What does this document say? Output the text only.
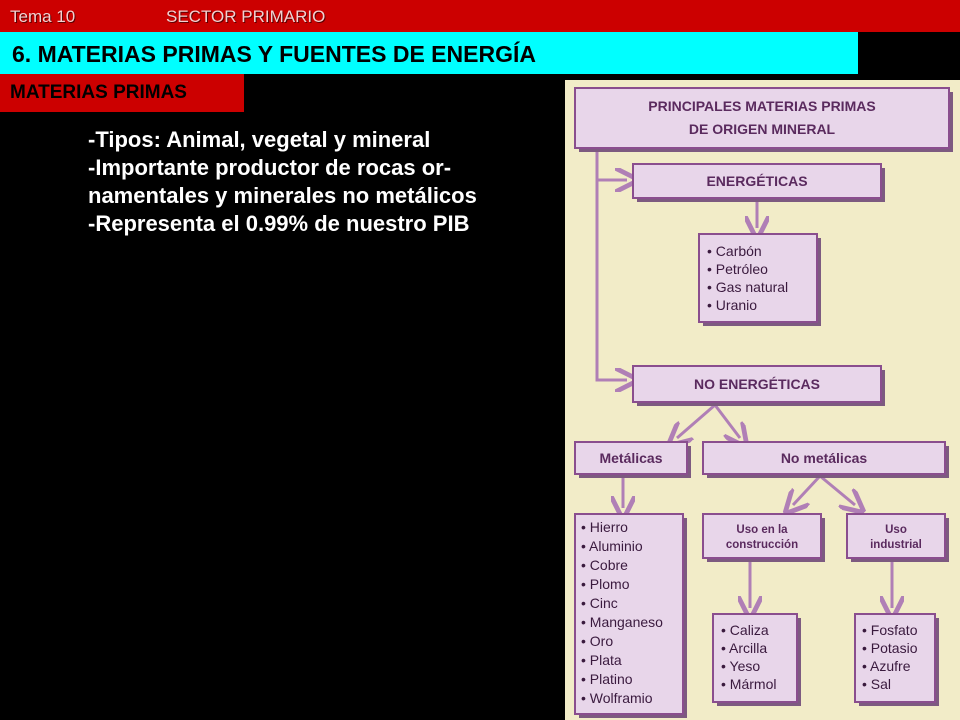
Tema 10	SECTOR PRIMARIO
6. MATERIAS PRIMAS Y FUENTES DE ENERGÍA
MATERIAS PRIMAS
-Tipos: Animal, vegetal y mineral
-Importante productor de rocas or-
namentales y minerales no metálicos
-Representa el 0.99% de nuestro PIB
PRINCIPALES MATERIAS PRIMAS
DE ORIGEN MINERAL
ENERGÉTICAS
• Carbón
• Petróleo
• Gas natural
• Uranio
NO ENERGÉTICAS
Metálicas	No metálicas
• Hierro
• Aluminio
• Cobre
• Plomo
• Cinc
• Manganeso
• Oro
• Plata
• Platino
• Wolframio
Uso en la
construcción
Uso
industrial
• Caliza
• Arcilla
• Yeso
• Mármol
• Fosfato
• Potasio
• Azufre
• Sal
